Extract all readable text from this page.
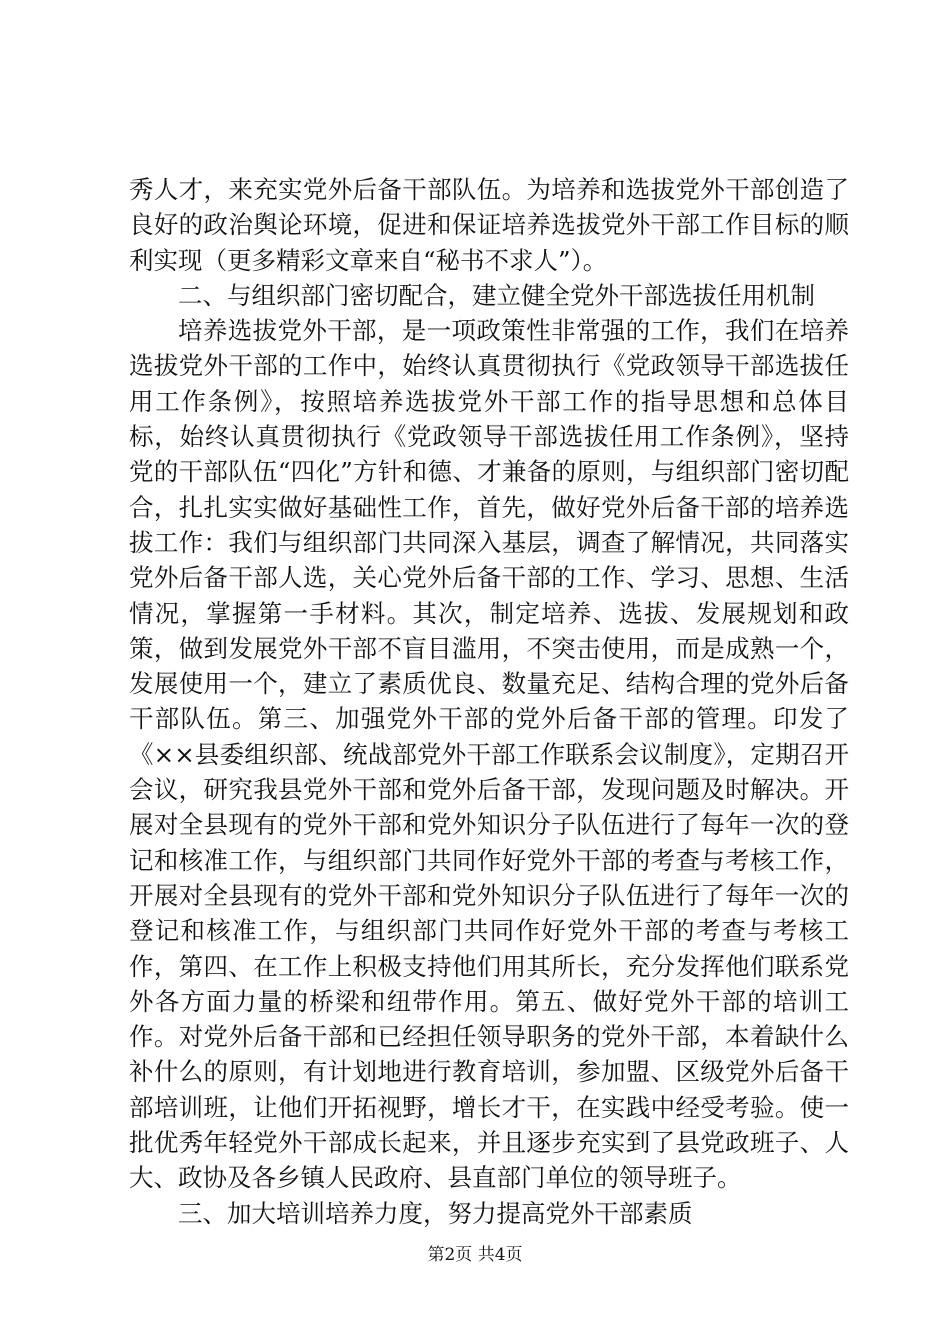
秀人才，来充实党外后备干部队伍。为培养和选拔党外干部创造了良好的政治舆论环境，促进和保证培养选拔党外干部工作目标的顺利实现（更多精彩文章来自“秘书不求人”）。

二、与组织部门密切配合，建立健全党外干部选拔任用机制

培养选拔党外干部，是一项政策性非常强的工作，我们在培养选拔党外干部的工作中，始终认真贯彻执行《党政领导干部选拔任用工作条例》，按照培养选拔党外干部工作的指导思想和总体目标，始终认真贯彻执行《党政领导干部选拔任用工作条例》，坚持党的干部队伍“四化”方针和德、才兼备的原则，与组织部门密切配合，扎扎实实做好基础性工作，首先，做好党外后备干部的培养选拔工作：我们与组织部门共同深入基层，调查了解情况，共同落实党外后备干部人选，关心党外后备干部的工作、学习、思想、生活情况，掌握第一手材料。其次，制定培养、选拔、发展规划和政策，做到发展党外干部不盲目滥用，不突击使用，而是成熟一个，发展使用一个，建立了素质优良、数量充足、结构合理的党外后备干部队伍。第三、加强党外干部的党外后备干部的管理。印发了《××县委组织部、统战部党外干部工作联系会议制度》，定期召开会议，研究我县党外干部和党外后备干部，发现问题及时解决。开展对全县现有的党外干部和党外知识分子队伍进行了每年一次的登记和核准工作，与组织部门共同作好党外干部的考查与考核工作，开展对全县现有的党外干部和党外知识分子队伍进行了每年一次的登记和核准工作，与组织部门共同作好党外干部的考查与考核工作，第四、在工作上积极支持他们用其所长，充分发挥他们联系党外各方面力量的桥梁和纽带作用。第五、做好党外干部的培训工作。对党外后备干部和已经担任领导职务的党外干部，本着缺什么补什么的原则，有计划地进行教育培训，参加盟、区级党外后备干部培训班，让他们开拓视野，增长才干，在实践中经受考验。使一批优秀年轻党外干部成长起来，并且逐步充实到了县党政班子、人大、政协及各乡镇人民政府、县直部门单位的领导班子。

三、加大培训培养力度，努力提高党外干部素质

第2页 共4页
